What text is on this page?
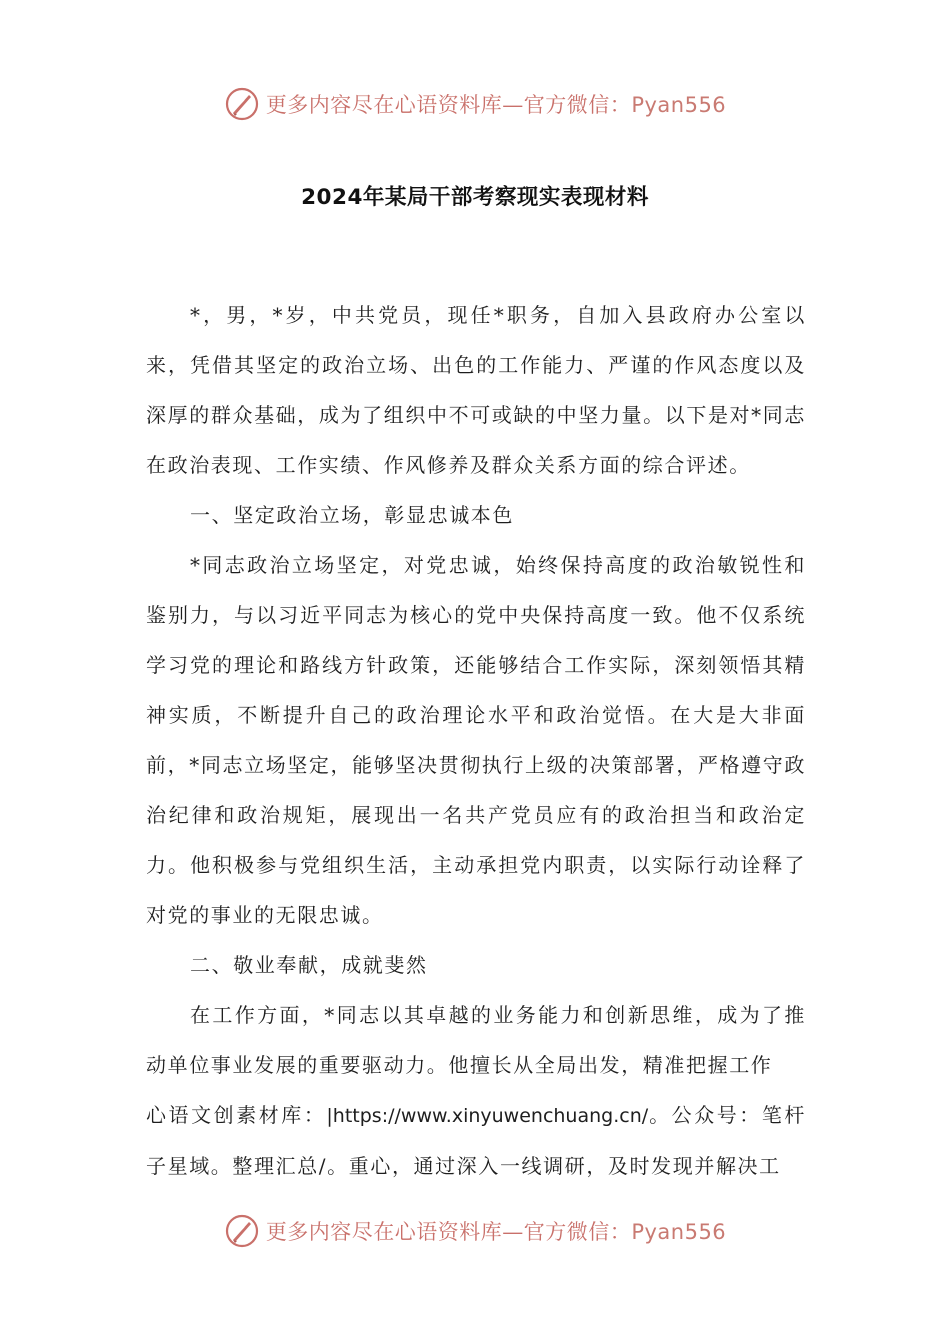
更多内容尽在心语资料库—官方微信：Pyan556
2024年某局干部考察现实表现材料

*，男，*岁，中共党员，现任*职务，自加入县政府办公室以来，凭借其坚定的政治立场、出色的工作能力、严谨的作风态度以及深厚的群众基础，成为了组织中不可或缺的中坚力量。以下是对*同志在政治表现、工作实绩、作风修养及群众关系方面的综合评述。

一、坚定政治立场，彰显忠诚本色

*同志政治立场坚定，对党忠诚，始终保持高度的政治敏锐性和鉴别力，与以习近平同志为核心的党中央保持高度一致。他不仅系统学习党的理论和路线方针政策，还能够结合工作实际，深刻领悟其精神实质，不断提升自己的政治理论水平和政治觉悟。在大是大非面前，*同志立场坚定，能够坚决贯彻执行上级的决策部署，严格遵守政治纪律和政治规矩，展现出一名共产党员应有的政治担当和政治定力。他积极参与党组织生活，主动承担党内职责，以实际行动诠释了对党的事业的无限忠诚。

二、敬业奉献，成就斐然

在工作方面，*同志以其卓越的业务能力和创新思维，成为了推动单位事业发展的重要驱动力。他擅长从全局出发，精准把握工作

心语文创素材库：|https://www.xinyuwenchuang.cn/。公众号：笔杆子星域。整理汇总/。重心，通过深入一线调研，及时发现并解决工
更多内容尽在心语资料库—官方微信：Pyan556
